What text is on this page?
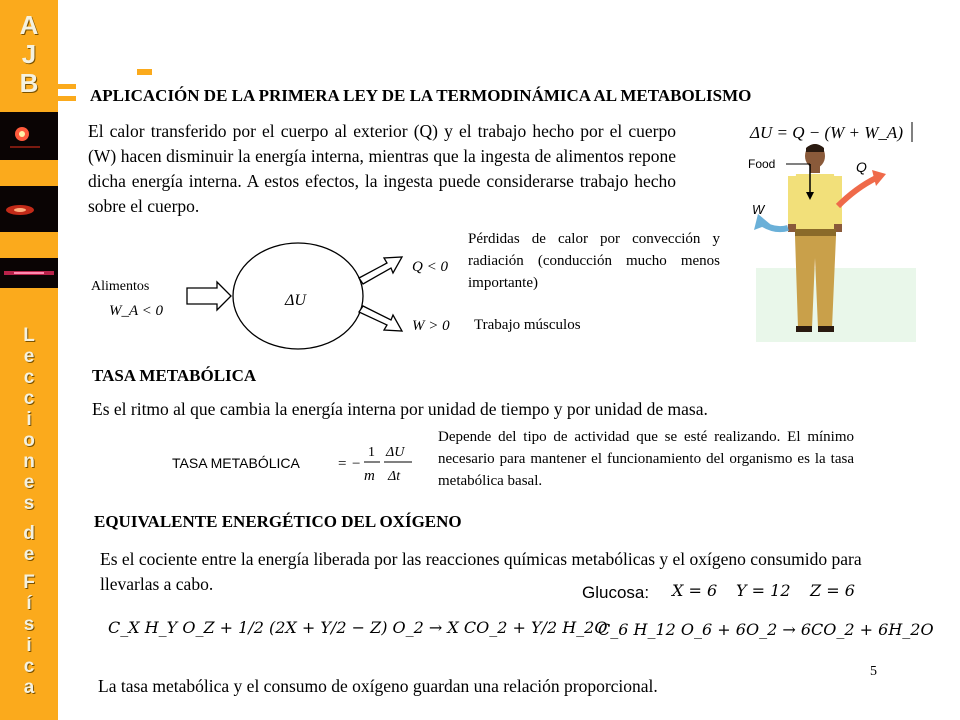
A
J
B
L
e
c
c
i
o
n
e
s
d
e
F
í
s
i
c
a
APLICACIÓN DE LA PRIMERA LEY DE LA TERMODINÁMICA AL METABOLISMO

El calor transferido por el cuerpo al exterior (Q) y el trabajo hecho por el cuerpo (W) hacen disminuir la energía interna, mientras que la ingesta de alimentos repone dicha energía interna. A estos efectos, la ingesta puede considerarse trabajo hecho sobre el cuerpo.

ΔU = Q − (W + W_A)
Food	Q
W
Alimentos
W_A < 0
ΔU
Q < 0
W > 0

Pérdidas de calor por convección y radiación (conducción mucho menos importante)

Trabajo músculos
TASA METABÓLICA
Es el ritmo al que cambia la energía interna por unidad de tiempo y por unidad de masa.
TASA METABÓLICA	= −
1
m
ΔU
Δt

Depende del tipo de actividad que se esté realizando. El mínimo necesario para mantener el funcionamiento del organismo es la tasa metabólica basal.

EQUIVALENTE ENERGÉTICO DEL OXÍGENO

Es el cociente entre la energía liberada por las reacciones químicas metabólicas y el oxígeno consumido para llevarlas a cabo.	Glucosa: X = 6 Y = 12 Z = 6
C_X H_Y O_Z + 1/2 (2X + Y/2 − Z) O_2 → X CO_2 + Y/2 H_2O
C_6 H_12 O_6 + 6O_2 → 6CO_2 + 6H_2O
La tasa metabólica y el consumo de oxígeno guardan una relación proporcional.
5
